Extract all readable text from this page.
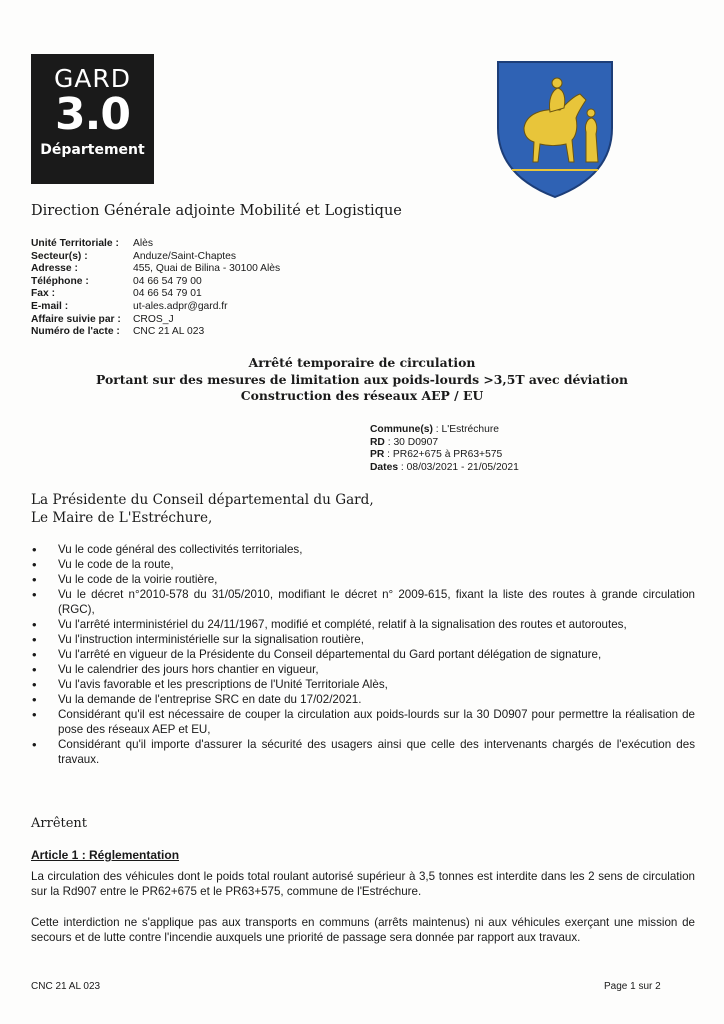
GARD
3.0
Département
Direction Générale adjointe Mobilité et Logistique
Unité Territoriale :	Alès
Secteur(s) :	Anduze/Saint-Chaptes
Adresse :	455, Quai de Bilina - 30100 Alès
Téléphone :	04 66 54 79 00
Fax :	04 66 54 79 01
E-mail :	ut-ales.adpr@gard.fr
Affaire suivie par :	CROS_J
Numéro de l'acte :	CNC 21 AL 023
Arrêté temporaire de circulation
Portant sur des mesures de limitation aux poids-lourds >3,5T avec déviation
Construction des réseaux AEP / EU
Commune(s) : L'Estréchure
RD : 30 D0907
PR : PR62+675 à PR63+575
Dates : 08/03/2021 - 21/05/2021
La Présidente du Conseil départemental du Gard,
Le Maire de L'Estréchure,
• Vu le code général des collectivités territoriales,
• Vu le code de la route,
• Vu le code de la voirie routière,
• Vu le décret n°2010-578 du 31/05/2010, modifiant le décret n° 2009-615, fixant la liste des routes à grande circulation (RGC),
• Vu l'arrêté interministériel du 24/11/1967, modifié et complété, relatif à la signalisation des routes et autoroutes,
• Vu l'instruction interministérielle sur la signalisation routière,
• Vu l'arrêté en vigueur de la Présidente du Conseil départemental du Gard portant délégation de signature,
• Vu le calendrier des jours hors chantier en vigueur,
• Vu l'avis favorable et les prescriptions de l'Unité Territoriale Alès,
• Vu la demande de l'entreprise SRC en date du 17/02/2021.
• Considérant qu'il est nécessaire de couper la circulation aux poids-lourds sur la 30 D0907 pour permettre la réalisation de pose des réseaux AEP et EU,
• Considérant qu'il importe d'assurer la sécurité des usagers ainsi que celle des intervenants chargés de l'exécution des travaux.
Arrêtent
Article 1 : Réglementation
La circulation des véhicules dont le poids total roulant autorisé supérieur à 3,5 tonnes est interdite dans les 2 sens de circulation sur la Rd907 entre le PR62+675 et le PR63+575, commune de l'Estréchure.
Cette interdiction ne s'applique pas aux transports en communs (arrêts maintenus) ni aux véhicules exerçant une mission de secours et de lutte contre l'incendie auxquels une priorité de passage sera donnée par rapport aux travaux.
CNC 21 AL 023	Page 1 sur 2
